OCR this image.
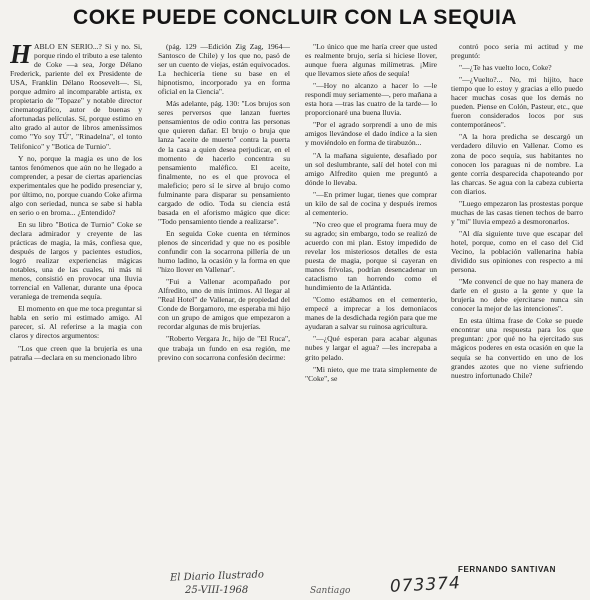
COKE PUEDE CONCLUIR CON LA SEQUIA

HABLO EN SERIO...? Si y no. Si, porque rindo el tributo a ese talento de Coke —a sea, Jorge Délano Frederick, pariente del ex Presidente de USA, Franklin Délano Roosevelt—. Si, porque admiro al incomparable artista, ex propietario de "Topaze" y notable director cinematográfico, autor de buenas y afortunadas películas. Sí, porque estimo en alto grado al autor de libros ameníssimos como "Yo soy TÚ", "Rinadelna", el tonto Telifonico" y "Botica de Turnio".

Y no, porque la magia es uno de los tantos fenómenos que aún no he llegado a comprender, a pesar de ciertas apariencias experimentales que he podido presenciar y, por último, no, porque cuando Coke afirma algo con seriedad, nunca se sabe si habla en serio o en broma... ¿Entendido?

En su libro "Botica de Turnio" Coke se declara admirador y creyente de las prácticas de magia, la más, confiesa que, después de largos y pacientes estudios, logró realizar experiencias mágicas notables, una de las cuales, ni más ni menos, consistió en provocar una lluvia torrencial en Vallenar, durante una época veraniega de tremenda sequía.

El momento en que me toca preguntar si habla en serio mi estimado amigo. Al parecer, sí. Al referirse a la magia con claros y directos argumentos:

"Los que creen que la brujería es una patraña —declara en su mencionado libro

(pág. 129 —Edición Zig Zag, 1964— Santosco de Chile) y los que no, pasó de ser un cuento de viejas, están equivocados. La hechicería tiene su base en el hipnotismo, incorporado ya en forma oficial en la Ciencia".

Más adelante, pág. 130: "Los brujos son seres perversos que lanzan fuertes pensamientos de odio contra las personas que quieren dañar. El brujo o bruja que lanza "aceite de muerto" contra la puerta de la casa a quien desea perjudicar, en el momento de hacerlo concentra su pensamiento maléfico. El aceite, finalmente, no es el que provoca el maleficio; pero sí le sirve al brujo como fulminante para disparar su pensamiento cargado de odio. Toda su ciencia está basada en el aforismo mágico que dice: "Todo pensamiento tiende a realizarse".

En seguida Coke cuenta en términos plenos de sinceridad y que no es posible confundir con la socarrona pillería de un humo ladino, la ocasión y la forma en que "hizo llover en Vallenar".

"Fui a Vallenar acompañado por Alfredito, uno de mis íntimos. Al llegar al "Real Hotel" de Vallenar, de propiedad del Conde de Borgamoro, me esperaba mi hijo con un grupo de amigos que empezaron a recordar algunas de mis brujerías.

"Roberto Vergara Jr., hijo de "El Ruca", que trabaja un fundo en esa región, me previno con socarrona confesión decirme:

"Lo único que me haría creer que usted es realmente brujo, sería si hiciese llover, aunque fuera algunas milímetras. ¡Mire que llevamos siete años de sequía!

"—Hoy no alcanzo a hacer lo —le respondí muy seriamente—, pero mañana a esta hora —tras las cuatro de la tarde— lo proporcionaré una buena lluvia.

"Por el agrado sorprendí a uno de mis amigos llevándose el dado índice a la sien y moviéndolo en forma de tirabuzón...

"A la mañana siguiente, desafiado por un sol deslumbrante, salí del hotel con mi amigo Alfredito quien me preguntó a dónde lo llevaba.

"—En primer lugar, tienes que comprar un kilo de sal de cocina y después iremos al cementerio.

"No creo que el programa fuera muy de su agrado; sin embargo, todo se realizó de acuerdo con mi plan. Estoy impedido de revelar los misteriosos detalles de esta puesta de magia, porque si cayeran en manos frívolas, podrían desencadenar un cataclismo tan horrendo como el hundimiento de la Atlántida.

"Como estábamos en el cementerio, empecé a imprecar a los demoníacos manes de la desdichada región para que me ayudaran a salvar su ruinosa agricultura.

"—¿Qué esperan para acabar algunas nubes y largar el agua? —les increpaba a grito pelado.

"Mi nieto, que me trata simplemente de "Coke", se

contró poco seria mi actitud y me preguntó:

"—¿Te has vuelto loco, Coke?

"—¿Vuelto?... No, mi hijito, hace tiempo que lo estoy y gracias a ello puedo hacer muchas cosas que los demás no pueden. Piense en Colón, Pasteur, etc., que fueron considerados locos por sus contemporáneos".

"A la hora predicha se descargó un verdadero diluvio en Vallenar. Como es zona de poco sequía, sus habitantes no conocen los paraguas ni de nombre. La gente corría desparecida chapoteando por las charcas. Se agua con la cabeza cubierta con diarios.

"Luego empezaron las prostestas porque muchas de las casas tienen techos de barro y "mi" lluvia empezó a desmoronarlos.

"Al día siguiente tuve que escapar del hotel, porque, como en el caso del Cid Vecino, la población vallenarina había dividido sus opiniones con respecto a mi persona.

"Me convencí de que no hay manera de darle en el gusto a la gente y que la brujería no debe ejercitarse nunca sin conocer la mejor de las intenciones".

En esta última frase de Coke se puede encontrar una respuesta para los que preguntan: ¿por qué no ha ejercitado sus mágicos poderes en esta ocasión en que la sequía se ha convertido en uno de los grandes azotes que no viene sufriendo nuestro infortunado Chile?

FERNANDO SANTIVAN
El Diario Ilustrado
25-VIII-1968	Santiago 073374
